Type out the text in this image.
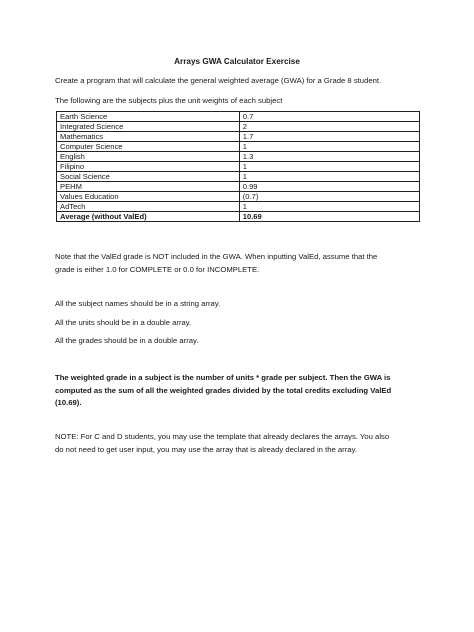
Arrays GWA Calculator Exercise
Create a program that will calculate the general weighted average (GWA) for a Grade 8 student.
The following are the subjects plus the unit weights of each subject
Earth Science	0.7
Integrated Science	2
Mathematics	1.7
Computer Science	1
English	1.3
Filipino	1
Social Science	1
PEHM	0.99
Values Education	(0.7)
AdTech	1
Average (without ValEd)	10.69
Note that the ValEd grade is NOT included in the GWA. When inputting ValEd, assume that the
grade is either 1.0 for COMPLETE or 0.0 for INCOMPLETE.
All the subject names should be in a string array.
All the units should be in a double array.
All the grades should be in a double array.
The weighted grade in a subject is the number of units * grade per subject. Then the GWA is
computed as the sum of all the weighted grades divided by the total credits excluding ValEd
(10.69).
NOTE: For C and D students, you may use the template that already declares the arrays. You also
do not need to get user input, you may use the array that is already declared in the array.
